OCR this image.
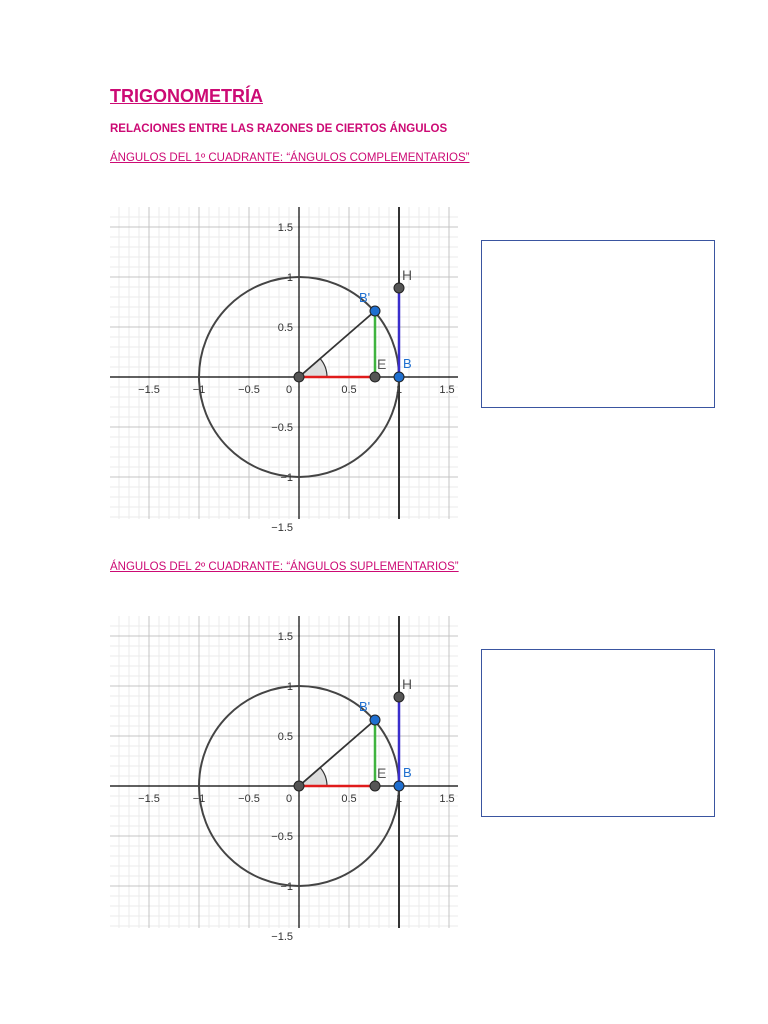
TRIGONOMETRÍA

RELACIONES ENTRE LAS RAZONES DE CIERTOS ÁNGULOS

ÁNGULOS DEL 1º CUADRANTE: “ÁNGULOS COMPLEMENTARIOS”

−1.5	−1	−0.5 0	0.5	1	1.5
1.5
1
0.5
−0.5
−1
−1.5
B'
H
E B

ÁNGULOS DEL 2º CUADRANTE: “ÁNGULOS SUPLEMENTARIOS”

−1.5	−1	−0.5 0	0.5	1	1.5
1.5
1
0.5
−0.5
−1
−1.5
B'
H
E B
